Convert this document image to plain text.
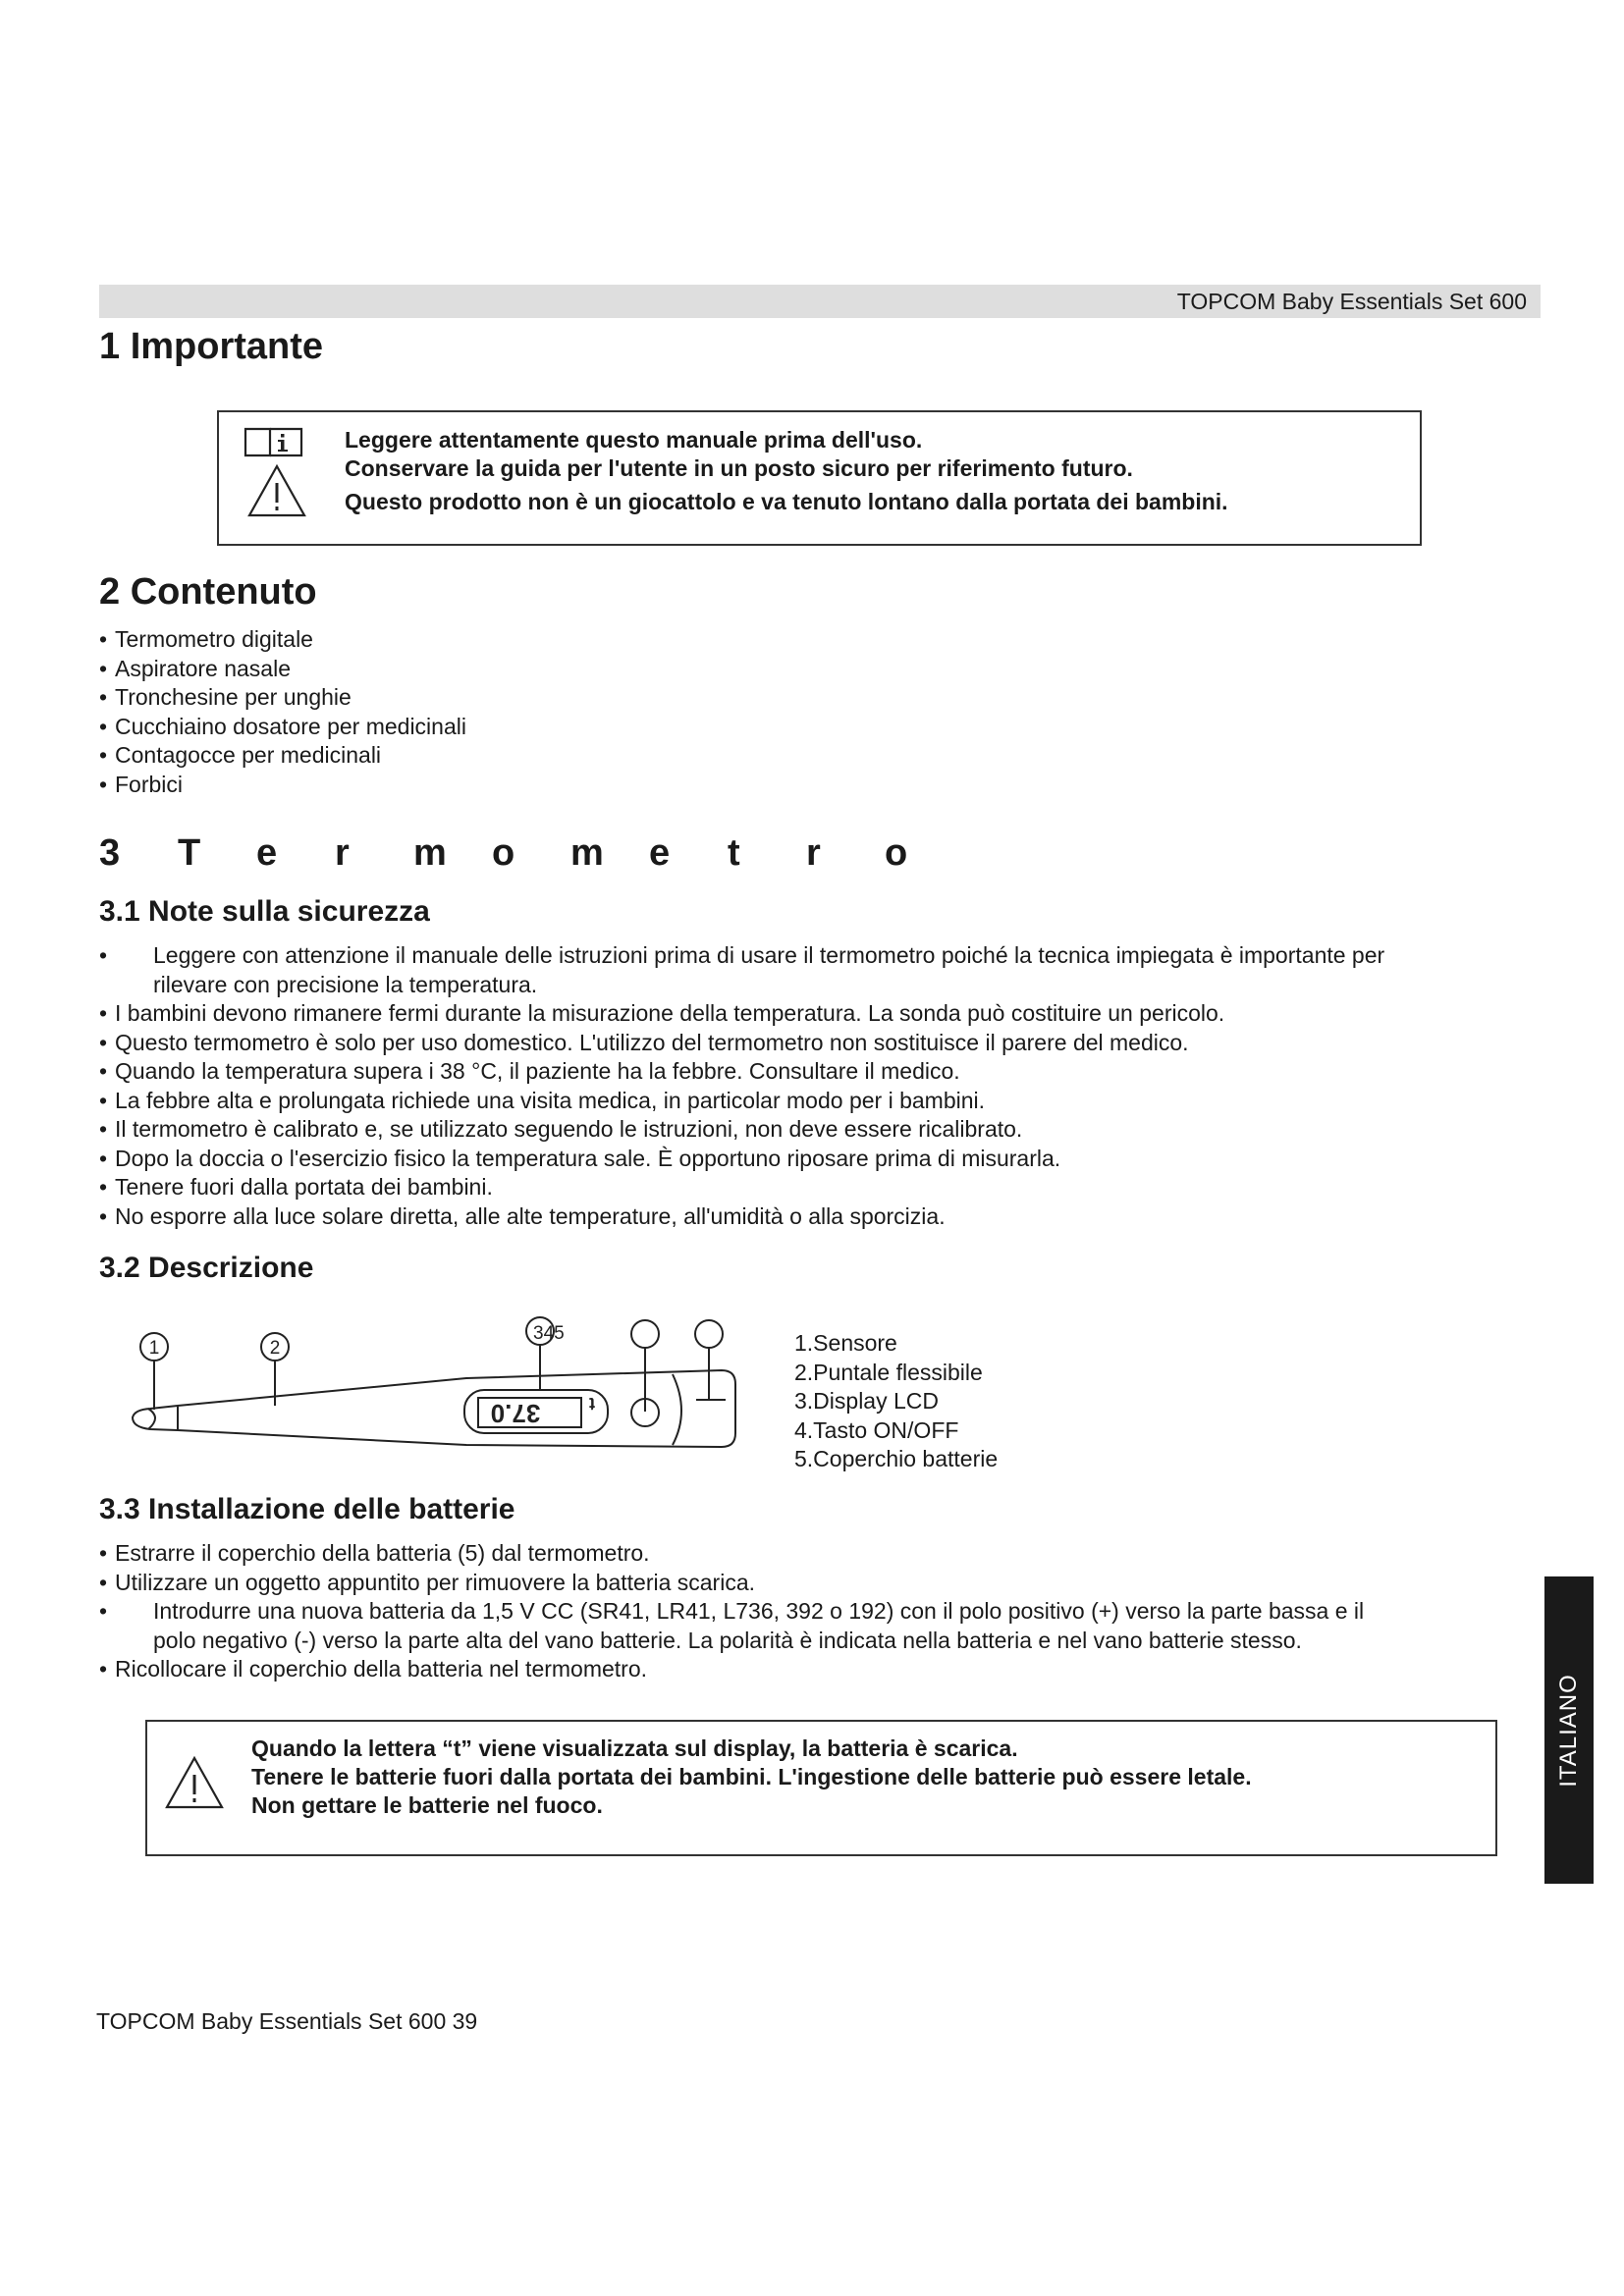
TOPCOM Baby Essentials Set 600
1 Importante

Leggere attentamente questo manuale prima dell'uso.

Conservare la guida per l'utente in un posto sicuro per riferimento futuro.

Questo prodotto non è un giocattolo e va tenuto lontano dalla portata dei bambini.

2 Contenuto
• Termometro digitale
• Aspiratore nasale
• Tronchesine per unghie
• Cucchiaino dosatore per medicinali
• Contagocce per medicinali
• Forbici
3	T	e	r	m	o	m	e	t	r	o
3.1 Note sulla sicurezza
•	Leggere con attenzione il manuale delle istruzioni prima di usare il termometro poiché la tecnica impiegata è importante per
rilevare con precisione la temperatura.
• I bambini devono rimanere fermi durante la misurazione della temperatura. La sonda può costituire un pericolo.
• Questo termometro è solo per uso domestico. L'utilizzo del termometro non sostituisce il parere del medico.
• Quando la temperatura supera i 38 °C, il paziente ha la febbre. Consultare il medico.
• La febbre alta e prolungata richiede una visita medica, in particolar modo per i bambini.
• Il termometro è calibrato e, se utilizzato seguendo le istruzioni, non deve essere ricalibrato.
• Dopo la doccia o l'esercizio fisico la temperatura sale. È opportuno riposare prima di misurarla.
• Tenere fuori dalla portata dei bambini.
• No esporre alla luce solare diretta, alle alte temperature, all'umidità o alla sporcizia.
3.2 Descrizione
1	2
345
37.0	t
1.Sensore
2.Puntale flessibile
3.Display LCD
4.Tasto ON/OFF
5.Coperchio batterie
3.3 Installazione delle batterie
• Estrarre il coperchio della batteria (5) dal termometro.
• Utilizzare un oggetto appuntito per rimuovere la batteria scarica.
•	Introdurre una nuova batteria da 1,5 V CC (SR41, LR41, L736, 392 o 192) con il polo positivo (+) verso la parte bassa e il
polo negativo (-) verso la parte alta del vano batterie. La polarità è indicata nella batteria e nel vano batterie stesso.
• Ricollocare il coperchio della batteria nel termometro.

Quando la lettera “t” viene visualizzata sul display, la batteria è scarica.

Tenere le batterie fuori dalla portata dei bambini. L'ingestione delle batterie può essere letale.

Non gettare le batterie nel fuoco.

ITALIANO
TOPCOM Baby Essentials Set 600 39
